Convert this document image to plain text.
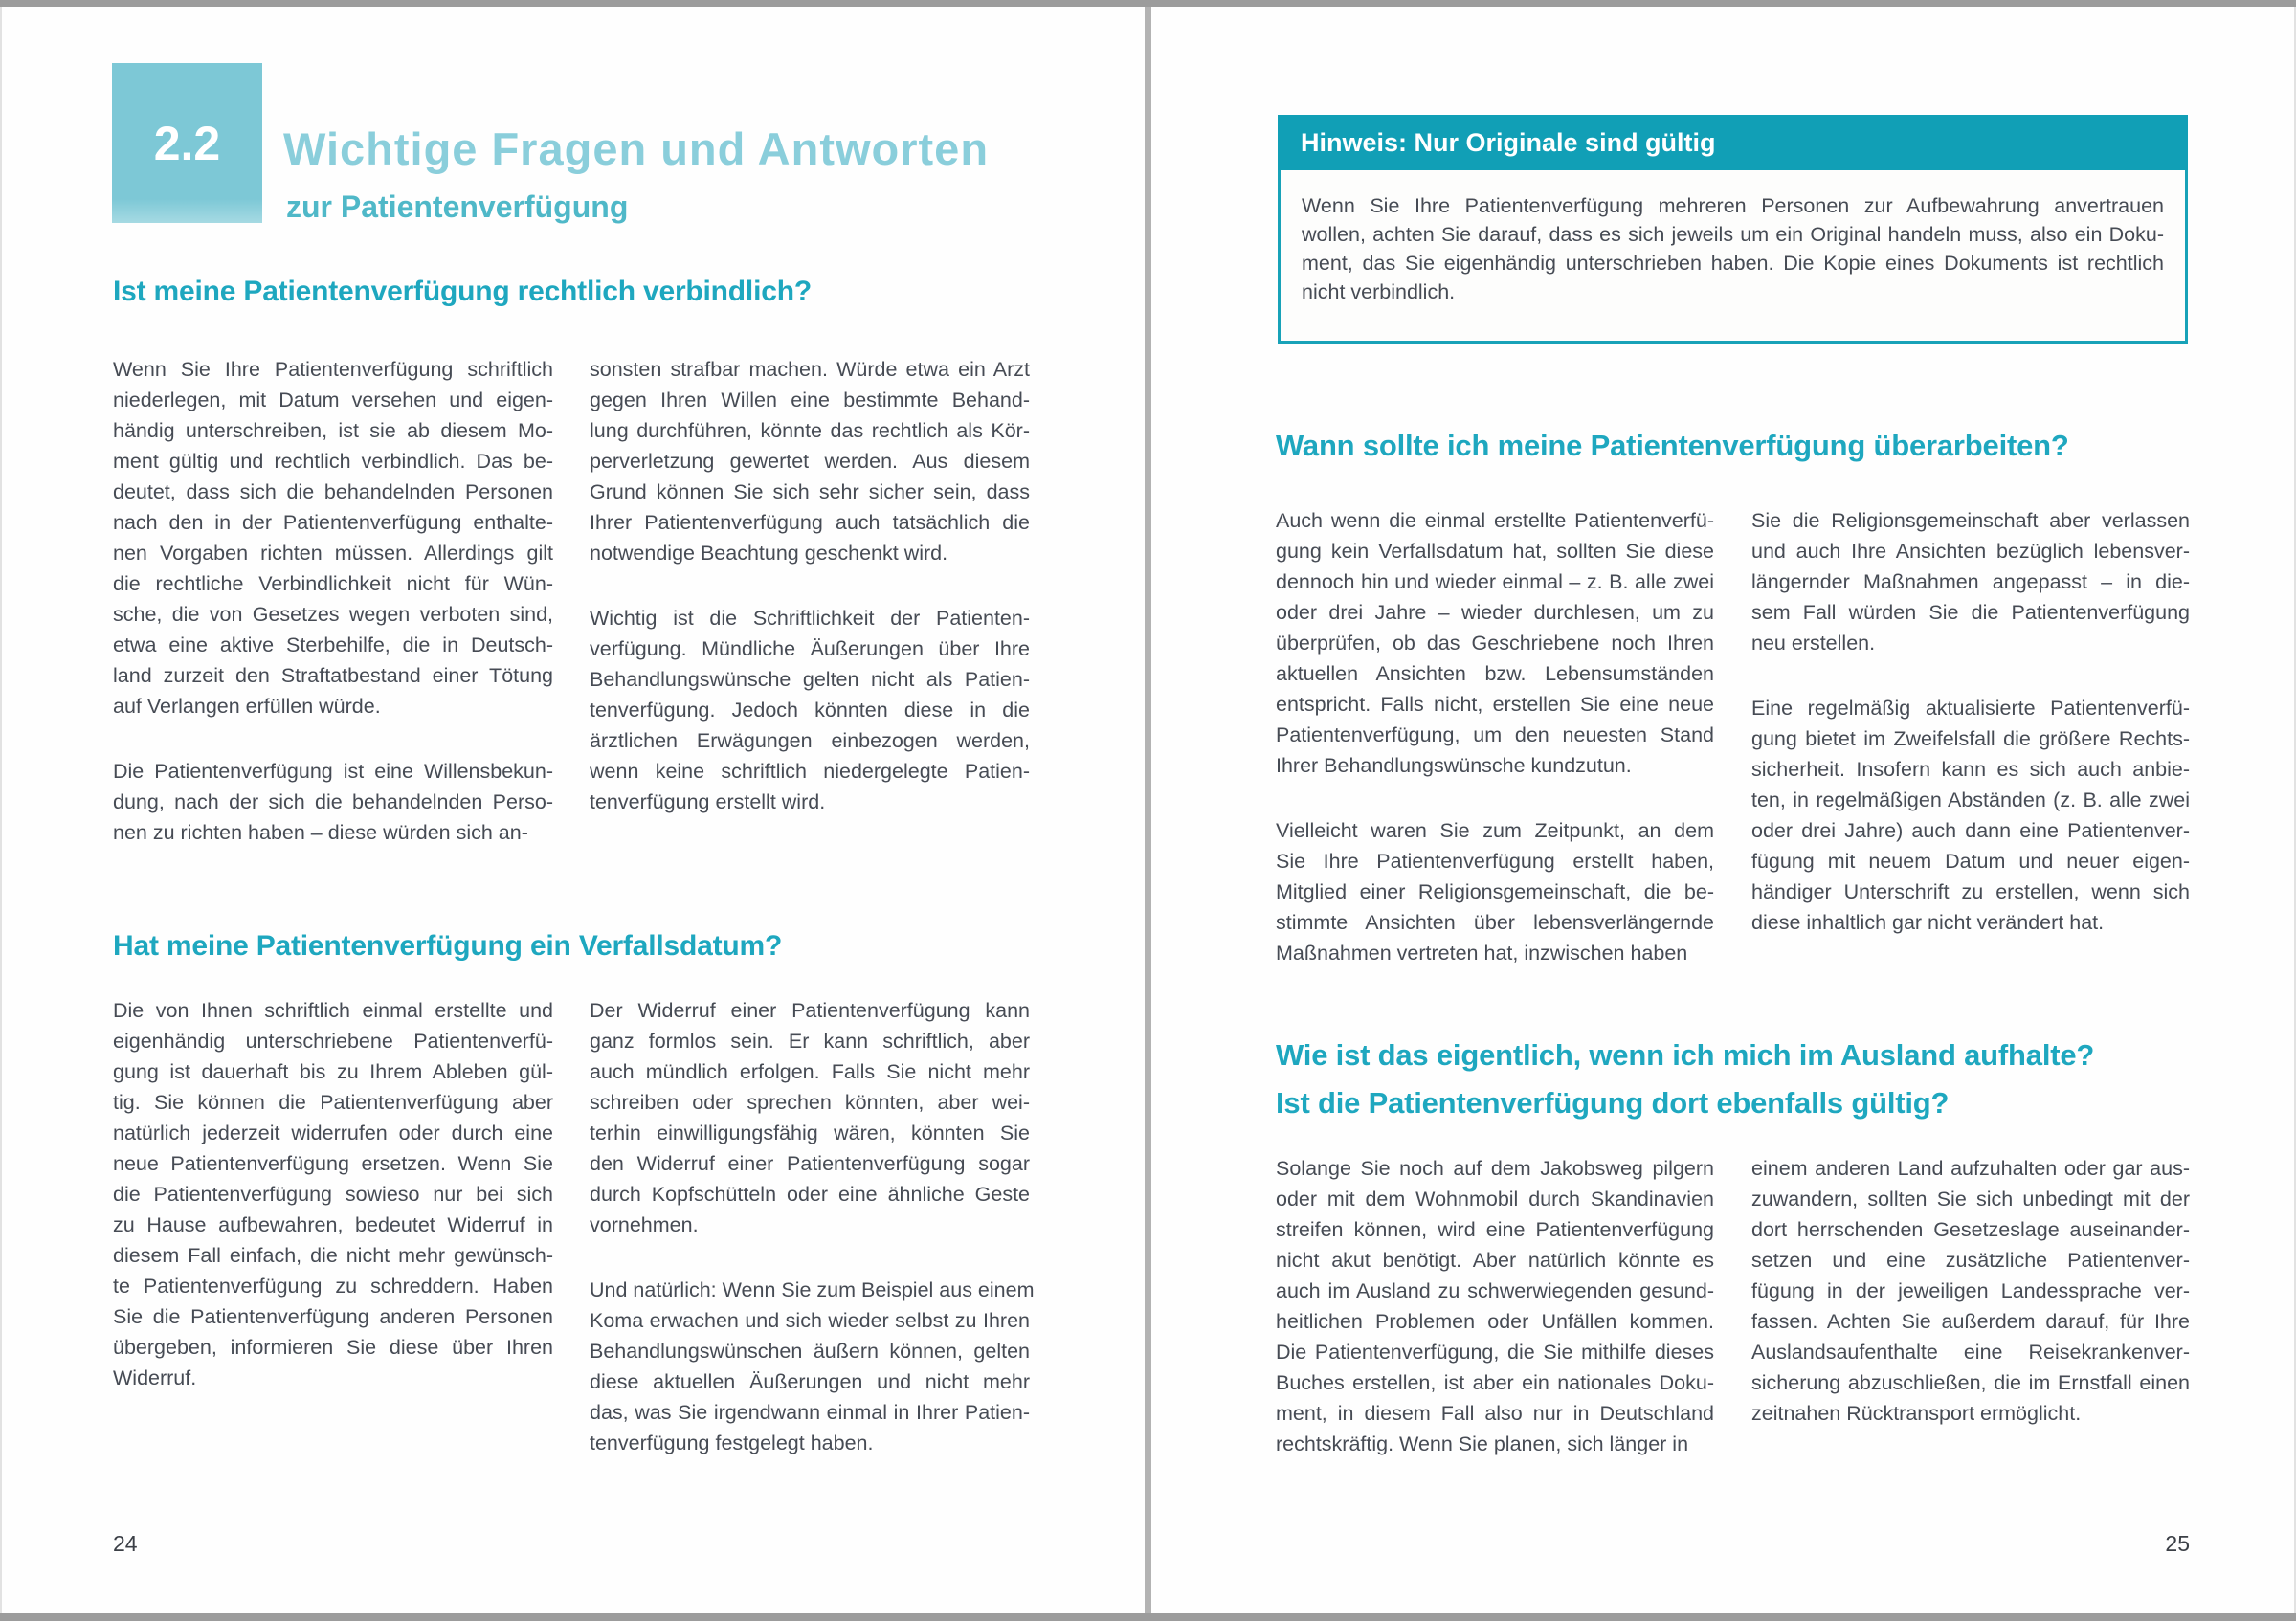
2.2 Wichtige Fragen und Antworten
zur Patientenverfügung
Ist meine Patientenverfügung rechtlich verbindlich?
Wenn Sie Ihre Patientenverfügung schriftlich
niederlegen, mit Datum versehen und eigen-
händig unterschreiben, ist sie ab diesem Mo-
ment gültig und rechtlich verbindlich. Das be-
deutet, dass sich die behandelnden Personen
nach den in der Patientenverfügung enthalte-
nen Vorgaben richten müssen. Allerdings gilt
die rechtliche Verbindlichkeit nicht für Wün-
sche, die von Gesetzes wegen verboten sind,
etwa eine aktive Sterbehilfe, die in Deutsch-
land zurzeit den Straftatbestand einer Tötung
auf Verlangen erfüllen würde.
Die Patientenverfügung ist eine Willensbekun-
dung, nach der sich die behandelnden Perso-
nen zu richten haben – diese würden sich an-
sonsten strafbar machen. Würde etwa ein Arzt
gegen Ihren Willen eine bestimmte Behand-
lung durchführen, könnte das rechtlich als Kör-
perverletzung gewertet werden. Aus diesem
Grund können Sie sich sehr sicher sein, dass
Ihrer Patientenverfügung auch tatsächlich die
notwendige Beachtung geschenkt wird.
Wichtig ist die Schriftlichkeit der Patienten-
verfügung. Mündliche Äußerungen über Ihre
Behandlungswünsche gelten nicht als Patien-
tenverfügung. Jedoch könnten diese in die
ärztlichen Erwägungen einbezogen werden,
wenn keine schriftlich niedergelegte Patien-
tenverfügung erstellt wird.
Hat meine Patientenverfügung ein Verfallsdatum?
Die von Ihnen schriftlich einmal erstellte und
eigenhändig unterschriebene Patientenverfü-
gung ist dauerhaft bis zu Ihrem Ableben gül-
tig. Sie können die Patientenverfügung aber
natürlich jederzeit widerrufen oder durch eine
neue Patientenverfügung ersetzen. Wenn Sie
die Patientenverfügung sowieso nur bei sich
zu Hause aufbewahren, bedeutet Widerruf in
diesem Fall einfach, die nicht mehr gewünsch-
te Patientenverfügung zu schreddern. Haben
Sie die Patientenverfügung anderen Personen
übergeben, informieren Sie diese über Ihren
Widerruf.
Der Widerruf einer Patientenverfügung kann
ganz formlos sein. Er kann schriftlich, aber
auch mündlich erfolgen. Falls Sie nicht mehr
schreiben oder sprechen könnten, aber wei-
terhin einwilligungsfähig wären, könnten Sie
den Widerruf einer Patientenverfügung sogar
durch Kopfschütteln oder eine ähnliche Geste
vornehmen.
Und natürlich: Wenn Sie zum Beispiel aus einem
Koma erwachen und sich wieder selbst zu Ihren
Behandlungswünschen äußern können, gelten
diese aktuellen Äußerungen und nicht mehr
das, was Sie irgendwann einmal in Ihrer Patien-
tenverfügung festgelegt haben.
24
Hinweis: Nur Originale sind gültig
Wenn Sie Ihre Patientenverfügung mehreren Personen zur Aufbewahrung anvertrauen
wollen, achten Sie darauf, dass es sich jeweils um ein Original handeln muss, also ein Doku-
ment, das Sie eigenhändig unterschrieben haben. Die Kopie eines Dokuments ist rechtlich
nicht verbindlich.
Wann sollte ich meine Patientenverfügung überarbeiten?
Auch wenn die einmal erstellte Patientenverfü-
gung kein Verfallsdatum hat, sollten Sie diese
dennoch hin und wieder einmal – z. B. alle zwei
oder drei Jahre – wieder durchlesen, um zu
überprüfen, ob das Geschriebene noch Ihren
aktuellen Ansichten bzw. Lebensumständen
entspricht. Falls nicht, erstellen Sie eine neue
Patientenverfügung, um den neuesten Stand
Ihrer Behandlungswünsche kundzutun.
Vielleicht waren Sie zum Zeitpunkt, an dem
Sie Ihre Patientenverfügung erstellt haben,
Mitglied einer Religionsgemeinschaft, die be-
stimmte Ansichten über lebensverlängernde
Maßnahmen vertreten hat, inzwischen haben
Sie die Religionsgemeinschaft aber verlassen
und auch Ihre Ansichten bezüglich lebensver-
längernder Maßnahmen angepasst – in die-
sem Fall würden Sie die Patientenverfügung
neu erstellen.
Eine regelmäßig aktualisierte Patientenverfü-
gung bietet im Zweifelsfall die größere Rechts-
sicherheit. Insofern kann es sich auch anbie-
ten, in regelmäßigen Abständen (z. B. alle zwei
oder drei Jahre) auch dann eine Patientenver-
fügung mit neuem Datum und neuer eigen-
händiger Unterschrift zu erstellen, wenn sich
diese inhaltlich gar nicht verändert hat.
Wie ist das eigentlich, wenn ich mich im Ausland aufhalte?
Ist die Patientenverfügung dort ebenfalls gültig?
Solange Sie noch auf dem Jakobsweg pilgern
oder mit dem Wohnmobil durch Skandinavien
streifen können, wird eine Patientenverfügung
nicht akut benötigt. Aber natürlich könnte es
auch im Ausland zu schwerwiegenden gesund-
heitlichen Problemen oder Unfällen kommen.
Die Patientenverfügung, die Sie mithilfe dieses
Buches erstellen, ist aber ein nationales Doku-
ment, in diesem Fall also nur in Deutschland
rechtskräftig. Wenn Sie planen, sich länger in
einem anderen Land aufzuhalten oder gar aus-
zuwandern, sollten Sie sich unbedingt mit der
dort herrschenden Gesetzeslage auseinander-
setzen und eine zusätzliche Patientenver-
fügung in der jeweiligen Landessprache ver-
fassen. Achten Sie außerdem darauf, für Ihre
Auslandsaufenthalte eine Reisekrankenver-
sicherung abzuschließen, die im Ernstfall einen
zeitnahen Rücktransport ermöglicht.
25
